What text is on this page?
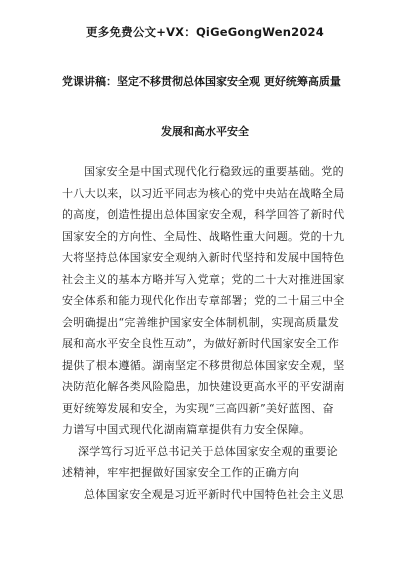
更多免费公文+VX：QiGeGongWen2024
党课讲稿：坚定不移贯彻总体国家安全观 更好统筹高质量
发展和高水平安全
国家安全是中国式现代化行稳致远的重要基础。党的
十八大以来，以习近平同志为核心的党中央站在战略全局
的高度，创造性提出总体国家安全观，科学回答了新时代
国家安全的方向性、全局性、战略性重大问题。党的十九
大将坚持总体国家安全观纳入新时代坚持和发展中国特色
社会主义的基本方略并写入党章；党的二十大对推进国家
安全体系和能力现代化作出专章部署；党的二十届三中全
会明确提出“完善维护国家安全体制机制，实现高质量发
展和高水平安全良性互动”，为做好新时代国家安全工作
提供了根本遵循。湖南坚定不移贯彻总体国家安全观，坚
决防范化解各类风险隐患，加快建设更高水平的平安湖南
更好统筹发展和安全，为实现“三高四新”美好蓝图、奋
力谱写中国式现代化湖南篇章提供有力安全保障。
深学笃行习近平总书记关于总体国家安全观的重要论
述精神，牢牢把握做好国家安全工作的正确方向
总体国家安全观是习近平新时代中国特色社会主义思
